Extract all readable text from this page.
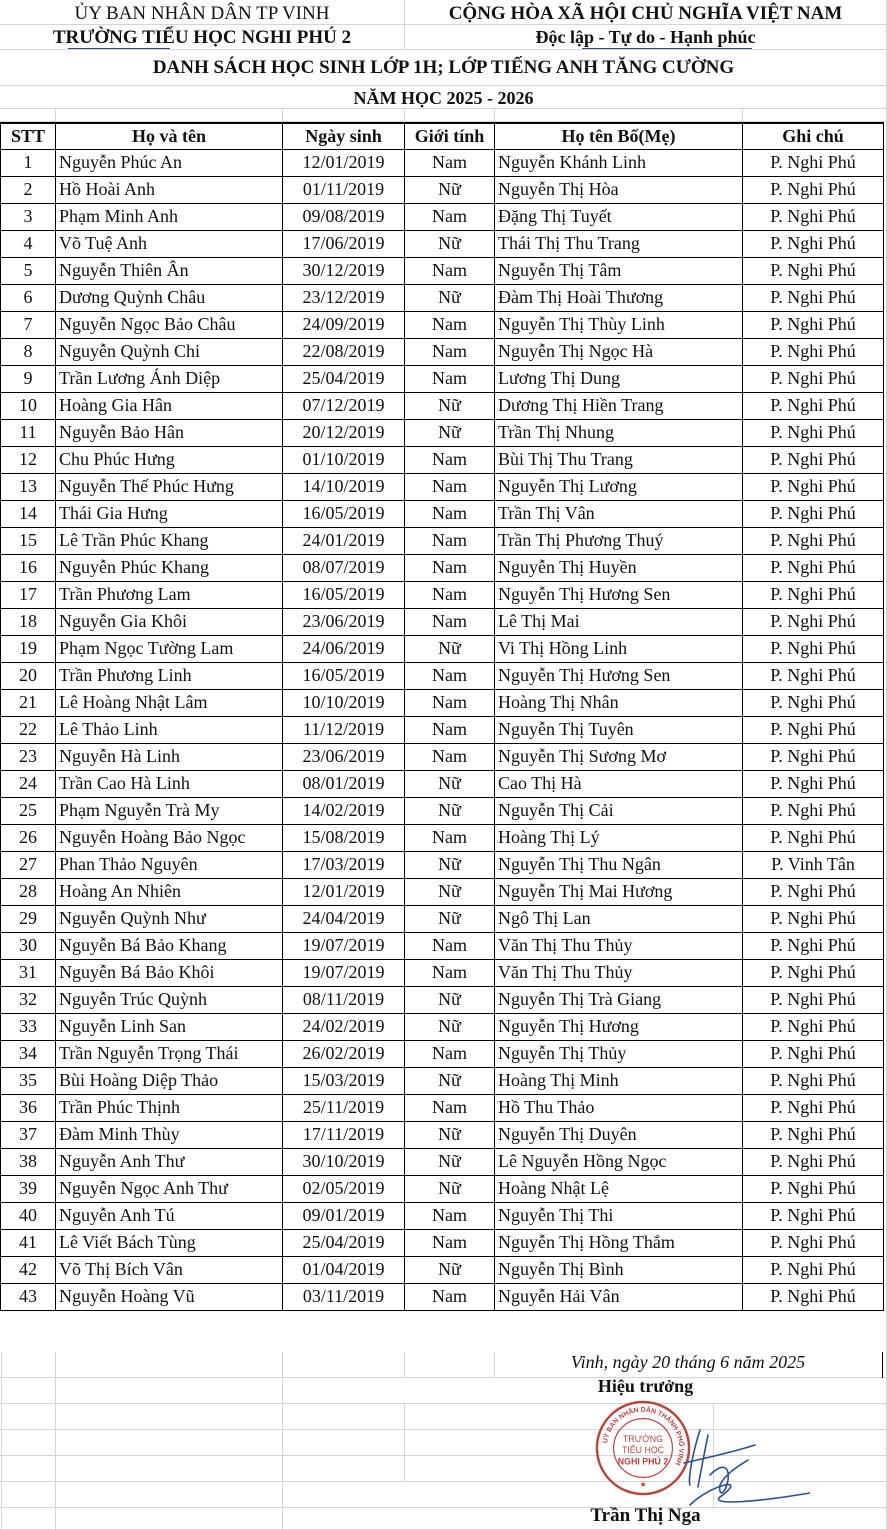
ỦY BAN NHÂN DÂN TP VINH
TRƯỜNG TIỂU HỌC NGHI PHÚ 2
CỘNG HÒA XÃ HỘI CHỦ NGHĨA VIỆT NAM
Độc lập - Tự do - Hạnh phúc
DANH SÁCH HỌC SINH LỚP 1H; LỚP TIẾNG ANH TĂNG CƯỜNG
NĂM HỌC 2025 - 2026
STT	Họ và tên	Ngày sinh	Giới tính	Họ tên Bố(Mẹ)	Ghi chú
1	Nguyễn Phúc An	12/01/2019	Nam	Nguyễn Khánh Linh	P. Nghi Phú
2	Hồ Hoài Anh	01/11/2019	Nữ	Nguyễn Thị Hòa	P. Nghi Phú
3	Phạm Minh Anh	09/08/2019	Nam	Đặng Thị Tuyết	P. Nghi Phú
4	Võ Tuệ Anh	17/06/2019	Nữ	Thái Thị Thu Trang	P. Nghi Phú
5	Nguyễn Thiên Ân	30/12/2019	Nam	Nguyễn Thị Tâm	P. Nghi Phú
6	Dương Quỳnh Châu	23/12/2019	Nữ	Đàm Thị Hoài Thương	P. Nghi Phú
7	Nguyễn Ngọc Bảo Châu	24/09/2019	Nam	Nguyễn Thị Thùy Linh	P. Nghi Phú
8	Nguyễn Quỳnh Chi	22/08/2019	Nam	Nguyễn Thị Ngọc Hà	P. Nghi Phú
9	Trần Lương Ánh Diệp	25/04/2019	Nam	Lương Thị Dung	P. Nghi Phú
10	Hoàng Gia Hân	07/12/2019	Nữ	Dương Thị Hiền Trang	P. Nghi Phú
11	Nguyễn Bảo Hân	20/12/2019	Nữ	Trần Thị Nhung	P. Nghi Phú
12	Chu Phúc Hưng	01/10/2019	Nam	Bùi Thị Thu Trang	P. Nghi Phú
13	Nguyễn Thế Phúc Hưng	14/10/2019	Nam	Nguyễn Thị Lương	P. Nghi Phú
14	Thái Gia Hưng	16/05/2019	Nam	Trần Thị Vân	P. Nghi Phú
15	Lê Trần Phúc Khang	24/01/2019	Nam	Trần Thị Phương Thuý	P. Nghi Phú
16	Nguyễn Phúc Khang	08/07/2019	Nam	Nguyễn Thị Huyền	P. Nghi Phú
17	Trần Phương Lam	16/05/2019	Nam	Nguyễn Thị Hương Sen	P. Nghi Phú
18	Nguyễn Gia Khôi	23/06/2019	Nam	Lê Thị Mai	P. Nghi Phú
19	Phạm Ngọc Tường Lam	24/06/2019	Nữ	Vi Thị Hồng Linh	P. Nghi Phú
20	Trần Phương Linh	16/05/2019	Nam	Nguyễn Thị Hương Sen	P. Nghi Phú
21	Lê Hoàng Nhật Lâm	10/10/2019	Nam	Hoàng Thị Nhân	P. Nghi Phú
22	Lê Thảo Linh	11/12/2019	Nam	Nguyễn Thị Tuyên	P. Nghi Phú
23	Nguyễn Hà Linh	23/06/2019	Nam	Nguyễn Thị Sương Mơ	P. Nghi Phú
24	Trần Cao Hà Linh	08/01/2019	Nữ	Cao Thị Hà	P. Nghi Phú
25	Phạm Nguyễn Trà My	14/02/2019	Nữ	Nguyễn Thị Cải	P. Nghi Phú
26	Nguyễn Hoàng Bảo Ngọc	15/08/2019	Nam	Hoàng Thị Lý	P. Nghi Phú
27	Phan Thảo Nguyên	17/03/2019	Nữ	Nguyễn Thị Thu Ngân	P. Vinh Tân
28	Hoàng An Nhiên	12/01/2019	Nữ	Nguyễn Thị Mai Hương	P. Nghi Phú
29	Nguyễn Quỳnh Như	24/04/2019	Nữ	Ngô Thị Lan	P. Nghi Phú
30	Nguyễn Bá Bảo Khang	19/07/2019	Nam	Văn Thị Thu Thủy	P. Nghi Phú
31	Nguyễn Bá Bảo Khôi	19/07/2019	Nam	Văn Thị Thu Thủy	P. Nghi Phú
32	Nguyễn Trúc Quỳnh	08/11/2019	Nữ	Nguyễn Thị Trà Giang	P. Nghi Phú
33	Nguyễn Linh San	24/02/2019	Nữ	Nguyễn Thị Hương	P. Nghi Phú
34	Trần Nguyễn Trọng Thái	26/02/2019	Nam	Nguyễn Thị Thủy	P. Nghi Phú
35	Bùi Hoàng Diệp Thảo	15/03/2019	Nữ	Hoàng Thị Minh	P. Nghi Phú
36	Trần Phúc Thịnh	25/11/2019	Nam	Hồ Thu Thảo	P. Nghi Phú
37	Đàm Minh Thùy	17/11/2019	Nữ	Nguyễn Thị Duyên	P. Nghi Phú
38	Nguyễn Anh Thư	30/10/2019	Nữ	Lê Nguyễn Hồng Ngọc	P. Nghi Phú
39	Nguyễn Ngọc Anh Thư	02/05/2019	Nữ	Hoàng Nhật Lệ	P. Nghi Phú
40	Nguyễn Anh Tú	09/01/2019	Nam	Nguyễn Thị Thi	P. Nghi Phú
41	Lê Viết Bách Tùng	25/04/2019	Nam	Nguyễn Thị Hồng Thắm	P. Nghi Phú
42	Võ Thị Bích Vân	01/04/2019	Nữ	Nguyễn Thị Bình	P. Nghi Phú
43	Nguyễn Hoàng Vũ	03/11/2019	Nam	Nguyễn Hải Vân	P. Nghi Phú
Vinh, ngày 20 tháng 6 năm 2025
Hiệu trưởng
UỶ BAN NHÂN DÂN THÀNH PHỐ VINH
TRƯỜNG
TIỂU HỌC
NGHI PHÚ 2
★
Trần Thị Nga
